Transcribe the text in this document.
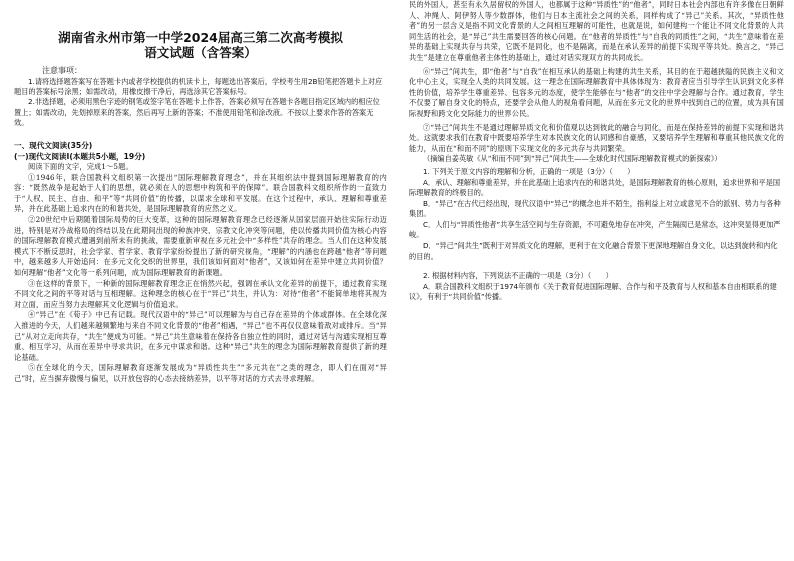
湖南省永州市第一中学2024届高三第二次高考模拟
语文试题（含答案）
注意事项：
1.请将选择题答案写在答题卡内或者学校提供的机读卡上，每题选出答案后，学校考生用2B铅笔把答题卡上对应题目的答案标号涂黑；如需改动，用橡皮擦干净后，再选涂其它答案标号。
2.非选择题，必须用黑色字迹的钢笔或签字笔在答题卡上作答，答案必须写在答题卡各题目指定区域内的相应位置上；如需改动，先划掉原来的答案，然后再写上新的答案；不准使用铅笔和涂改液。不按以上要求作答的答案无效。
一、现代文阅读(35分)
(一)现代文阅读Ⅰ(本题共5小题，19分)
阅读下面的文字，完成1～5题。
①1946年，联合国教科文组织第一次提出“国际理解教育理念”，并在其组织法中提到国际理解教育的内容：“既然战争是起始于人们的思想，就必须在人的思想中构筑和平的保障”。联合国教科文组织所作的一直致力于“人权、民主、自由、和平”等“共同价值”的传播，以谋求全球和平发展。在这个过程中，承认、理解和尊重差异，并在此基础上追求内在的和谐共处，是国际理解教育的应然之义。
②20世纪中后期随着国际局势的巨大变革，这种的国际理解教育理念已经逐渐从国家层面开始往实际行动迈进，特别是对冷战格局的终结以及在此期间出现的种族冲突、宗教文化冲突等问题，使以传播共同价值为核心内容的国际理解教育模式遭遇到前所未有的挑战，需要重新审视在多元社会中“多样性”共存的理念。当人们在这种发展模式下不断反思时，社会学家、哲学家、教育学家纷纷提出了新的研究视角，“理解”的内涵也在跨越“他者”等问题中，越来越多人开始追问：在多元文化交织的世界里，我们该如何面对“他者”，又该如何在差异中建立共同价值？如何理解“他者”文化等一系列问题，成为国际理解教育的新课题。
③在这样的背景下，一种新的国际理解教育理念正在悄然兴起，强调在承认文化差异的前提下，通过教育实现不同文化之间的平等对话与互相理解。这种理念的核心在于“异己”共生，并认为：对待“他者”不能简单地将其视为对立面，而应当努力去理解其文化逻辑与价值追求。
④“异己”在《荀子》中已有记载。现代汉语中的“异己”可以理解为与自己存在差异的个体或群体。在全球化深入推进的今天，人们越来越频繁地与来自不同文化背景的“他者”相遇，“异己”也不再仅仅意味着敌对或排斥。当“异己”从对立走向共存，“共生”便成为可能。“异己”共生意味着在保持各自独立性的同时，通过对话与沟通实现相互尊重、相互学习，从而在差异中寻求共识，在多元中谋求和谐。这种“异己”共生的理念为国际理解教育提供了新的理论基础。
⑤在全球化的今天，国际理解教育逐渐发展成为“异质性共生”“多元共在”之类的理念，即人们在面对“异己”时，应当摒弃傲慢与偏见，以开放包容的心态去接纳差异，以平等对话的方式去寻求理解。
民的外国人，甚至有永久居留权的外国人，也都属于这种“异质性”的“他者”，同时日本社会内部也有许多像在日朝鲜人、冲绳人、阿伊努人等少数群体，他们与日本主流社会之间的关系，同样构成了“异己”关系。其次，“异质性他者”的另一层含义是指不同文化背景的人之间相互理解的可能性，也就是说，如何建构一个能让不同文化背景的人共同生活的社会，是“异己”共生需要回答的核心问题。在“他者的异质性”与“自我的同质性”之间，“共生”意味着在差异的基础上实现共存与共荣，它既不是同化，也不是隔离，而是在承认差异的前提下实现平等共处。换言之，“异己共生”是建立在尊重他者主体性的基础上，通过对话实现双方的共同成长。
⑥“异己”间共生，即“他者”与“自我”在相互承认的基础上构建的共生关系，其目的在于超越狭隘的民族主义和文化中心主义，实现全人类的共同发展。这一理念在国际理解教育中具体体现为：教育者应当引导学生认识到文化多样性的价值，培养学生尊重差异、包容多元的态度，使学生能够在与“他者”的交往中学会理解与合作。通过教育，学生不仅要了解自身文化的特点，还要学会从他人的视角看问题，从而在多元文化的世界中找到自己的位置，成为具有国际视野和跨文化交际能力的世界公民。
⑦“异己”间共生不是通过理解异质文化和价值观以达到彼此的融合与同化，而是在保持差异的前提下实现和谐共处。这就要求我们在教育中既要培养学生对本民族文化的认同感和自豪感，又要培养学生理解和尊重其他民族文化的能力，从而在“和而不同”的原则下实现文化的多元共存与共同繁荣。
（摘编自姜英敏《从“和而不同”到“异己”间共生——全球化时代国际理解教育模式的新探索》）
1. 下列关于原文内容的理解和分析，正确的一项是（3分）（　　）
A．承认、理解和尊重差异，并在此基础上追求内在的和谐共处，是国际理解教育的核心原则，追求世界和平是国际理解教育的终极目的。
B．“异己”在古代已经出现，现代汉语中“异己”的概念也并不陌生，指利益上对立或意见不合的派别、势力与各种集团。
C．人们与“异质性他者”共享生活空间与生存资源，不可避免地存在冲突，产生隔阂已是常态，这冲突显得更加严峻。
D．“异己”间共生”既利于对异质文化的理解，更利于在文化融合背景下更深地理解自身文化，以达到旋转和内化的目的。
2. 根据材料内容，下列说法不正确的一项是（3分）（　　）
A．联合国教科文组织于1974年颁布《关于教育促进国际理解、合作与和平及教育与人权和基本自由相联系的建议》，有利于“共同价值”传播。
